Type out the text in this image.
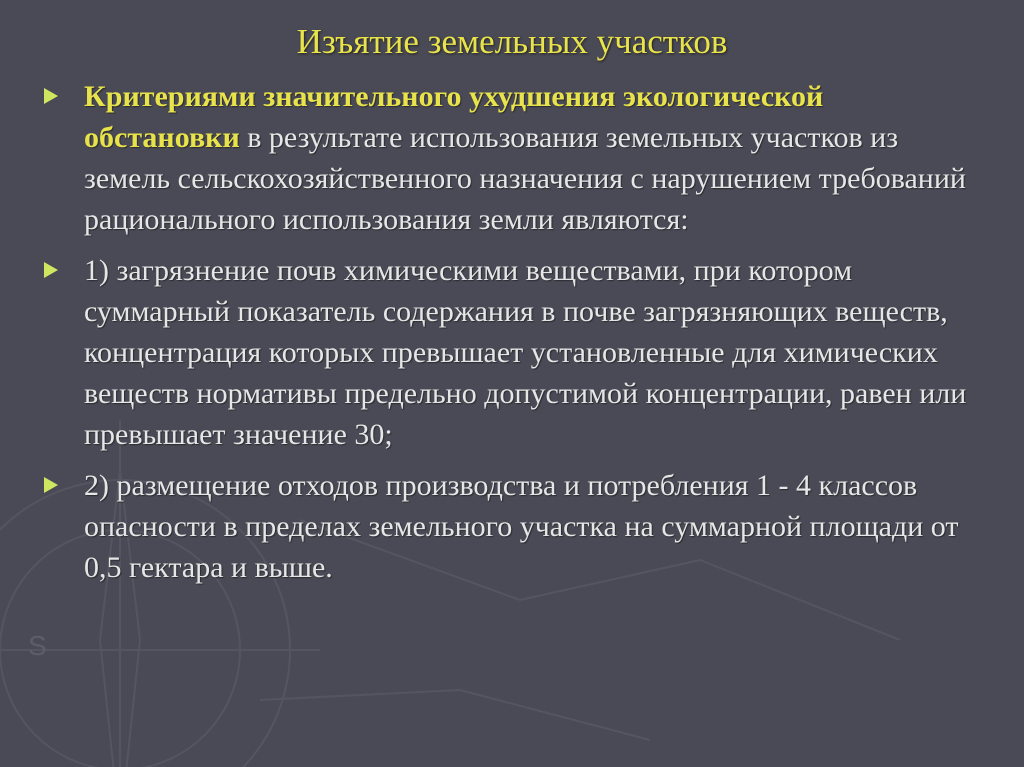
S
Изъятие земельных участков
Критериями значительного ухудшения экологической обстановки в результате использования земельных участков из земель сельскохозяйственного назначения с нарушением требований рационального использования земли являются:
1) загрязнение почв химическими веществами, при котором суммарный показатель содержания в почве загрязняющих веществ, концентрация которых превышает установленные для химических веществ нормативы предельно допустимой концентрации, равен или превышает значение 30;
2) размещение отходов производства и потребления 1 - 4 классов опасности в пределах земельного участка на суммарной площади от 0,5 гектара и выше.
